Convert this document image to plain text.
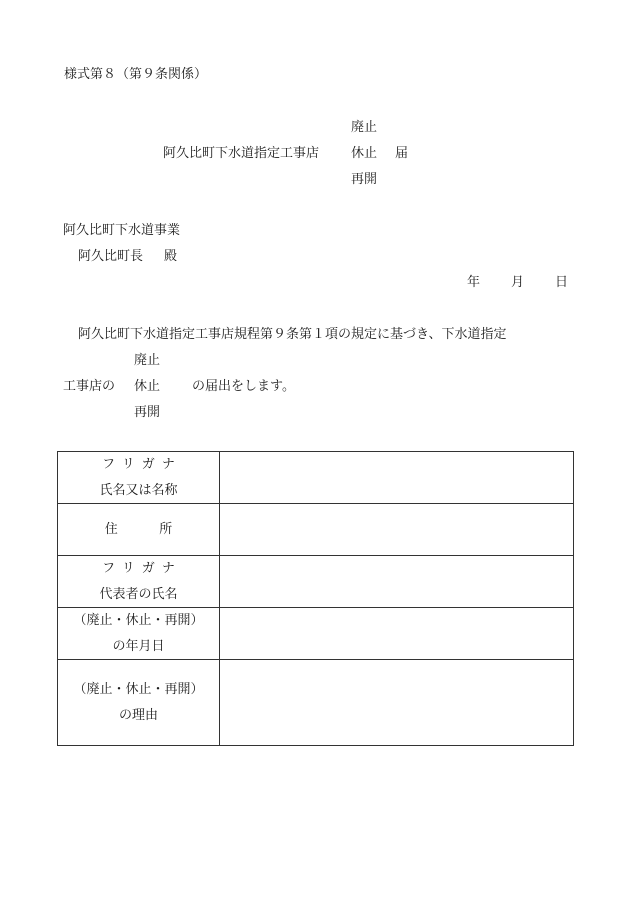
様式第８（第９条関係）
阿久比町下水道指定工事店
廃止
休止
再開
届
阿久比町下水道事業
阿久比町長 殿
年 月 日
阿久比町下水道指定工事店規程第９条第１項の規定に基づき、下水道指定
廃止
工事店の 休止 の届出をします。
再開
フリガナ
氏名又は名称	

住所	

フリガナ
代表者の氏名	

（廃止・休止・再開）
の年月日	

（廃止・休止・再開）
の理由	
